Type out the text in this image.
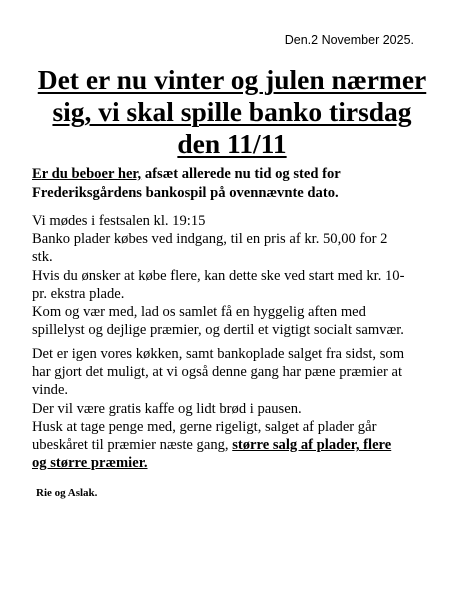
Den.2 November 2025.
Det er nu vinter og julen nærmer
sig, vi skal spille banko tirsdag
den 11/11
Er du beboer her, afsæt allerede nu tid og sted for
Frederiksgårdens bankospil på ovennævnte dato.
Vi mødes i festsalen kl. 19:15
Banko plader købes ved indgang, til en pris af kr. 50,00 for 2
stk.
Hvis du ønsker at købe flere, kan dette ske ved start med kr. 10-
pr. ekstra plade.
Kom og vær med, lad os samlet få en hyggelig aften med
spillelyst og dejlige præmier, og dertil et vigtigt socialt samvær.
Det er igen vores køkken, samt bankoplade salget fra sidst, som
har gjort det muligt, at vi også denne gang har pæne præmier at
vinde.
Der vil være gratis kaffe og lidt brød i pausen.
Husk at tage penge med, gerne rigeligt, salget af plader går
ubeskåret til præmier næste gang, større salg af plader, flere
og større præmier.
Rie og Aslak.
